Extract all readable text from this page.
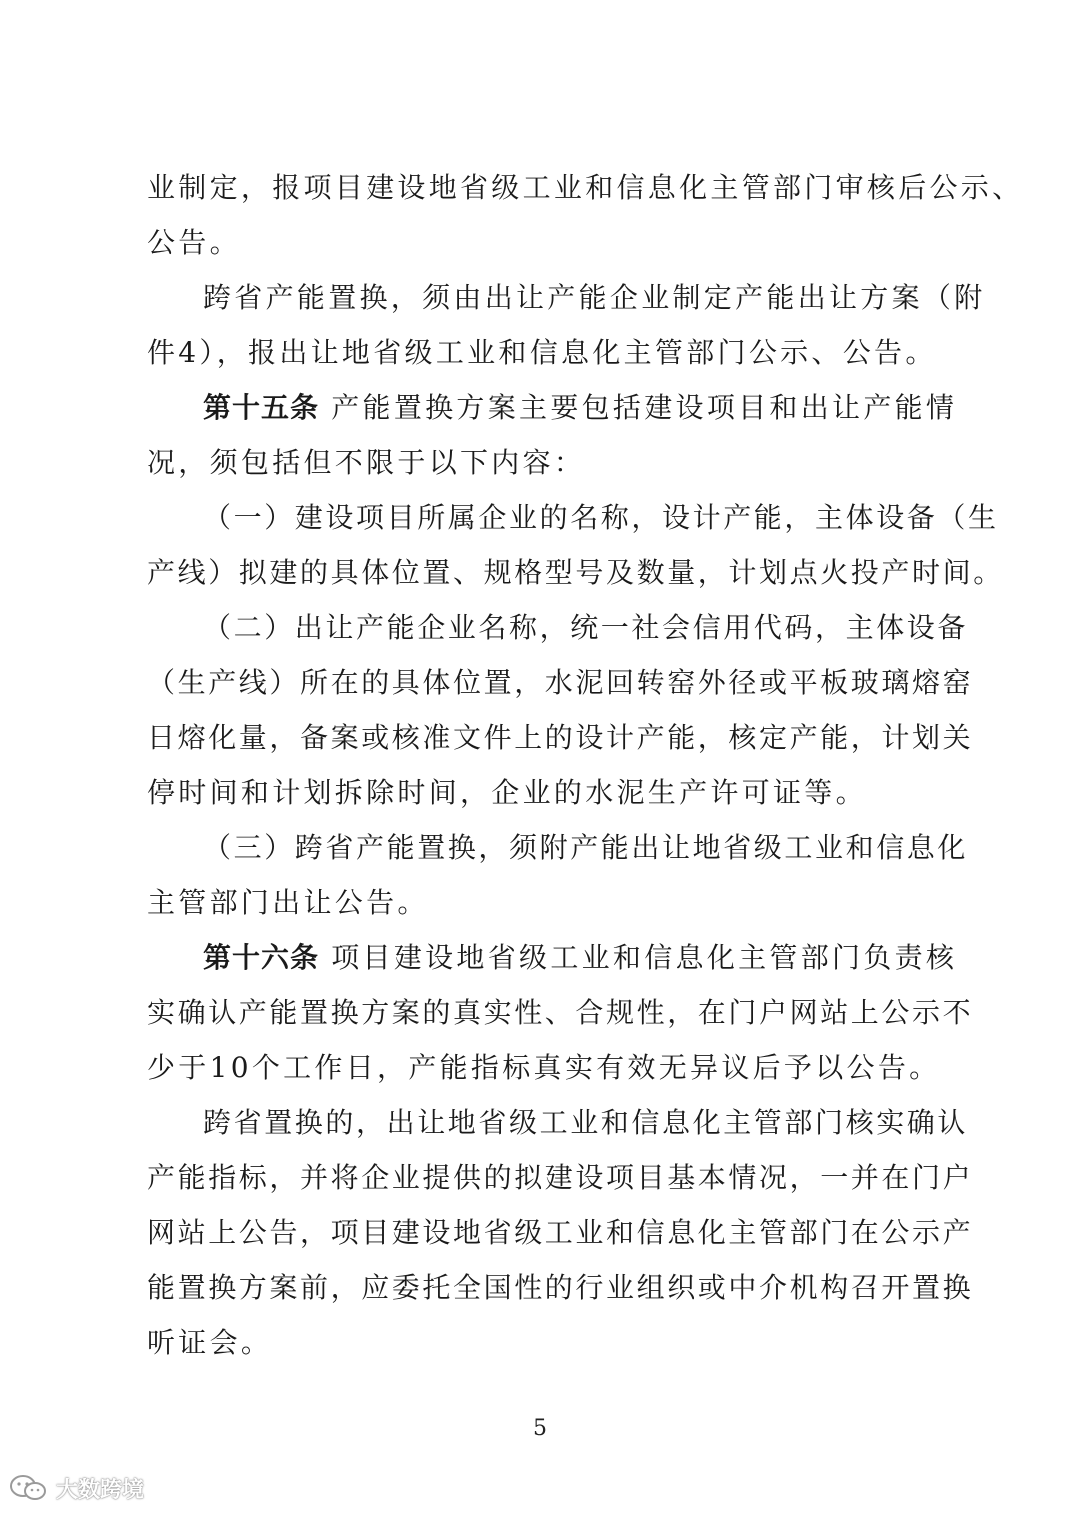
业制定，报项目建设地省级工业和信息化主管部门审核后公示、
公告。
跨省产能置换，须由出让产能企业制定产能出让方案（附
件4），报出让地省级工业和信息化主管部门公示、公告。
第十五条 产能置换方案主要包括建设项目和出让产能情
况，须包括但不限于以下内容：
（一）建设项目所属企业的名称，设计产能，主体设备（生
产线）拟建的具体位置、规格型号及数量，计划点火投产时间。
（二）出让产能企业名称，统一社会信用代码，主体设备
（生产线）所在的具体位置，水泥回转窑外径或平板玻璃熔窑
日熔化量，备案或核准文件上的设计产能，核定产能，计划关
停时间和计划拆除时间，企业的水泥生产许可证等。
（三）跨省产能置换，须附产能出让地省级工业和信息化
主管部门出让公告。
第十六条 项目建设地省级工业和信息化主管部门负责核
实确认产能置换方案的真实性、合规性，在门户网站上公示不
少于10个工作日，产能指标真实有效无异议后予以公告。
跨省置换的，出让地省级工业和信息化主管部门核实确认
产能指标，并将企业提供的拟建设项目基本情况，一并在门户
网站上公告，项目建设地省级工业和信息化主管部门在公示产
能置换方案前，应委托全国性的行业组织或中介机构召开置换
听证会。
5
大数跨境
